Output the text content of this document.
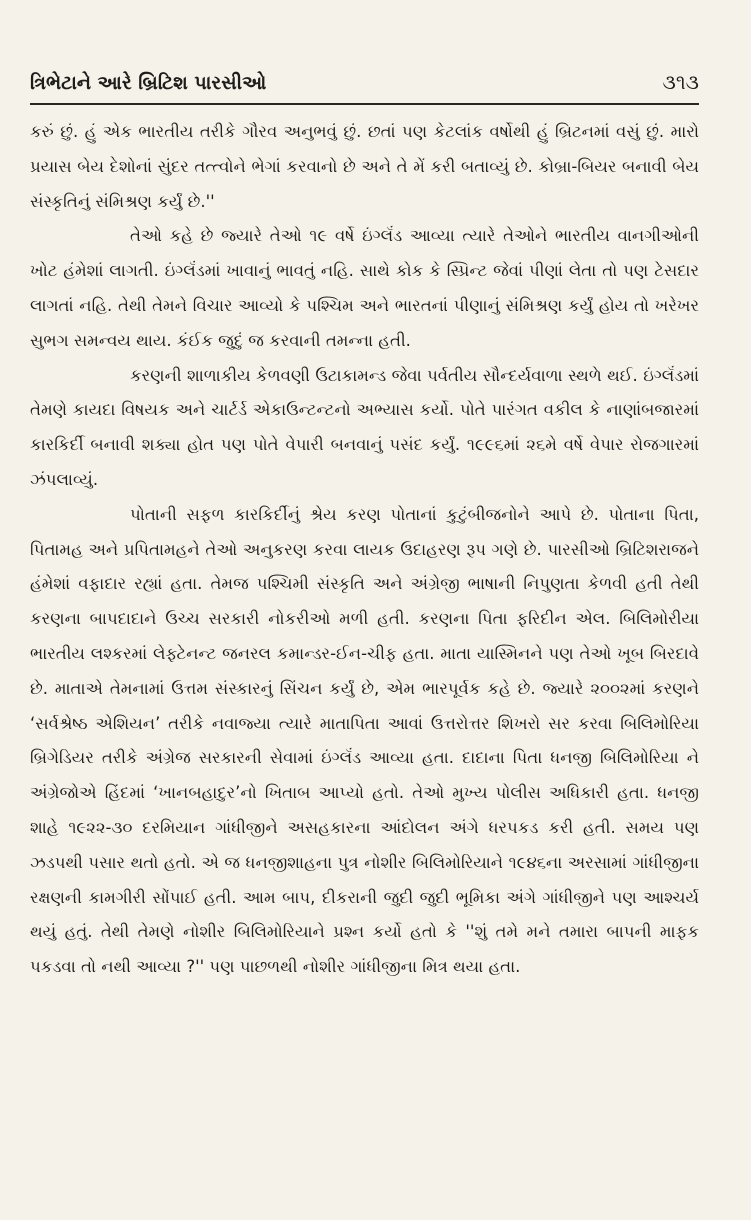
ત્રિભેટાને આરે બ્રિટિશ પારસીઓ	૩૧૩

કરું છું. હું એક ભારતીય તરીકે ગૌરવ અનુભવું છું. છતાં પણ કેટલાંક વર્ષોથી હું બ્રિટનમાં વસું છું. મારો પ્રયાસ બેય દેશોનાં સુંદર તત્ત્વોને ભેગાં કરવાનો છે અને તે મેં કરી બતાવ્યું છે. કોબ્રા-બિયર બનાવી બેય સંસ્કૃતિનું સંમિશ્રણ કર્યું છે.''

તેઓ કહે છે જ્યારે તેઓ ૧૯ વર્ષે ઇંગ્લૅંડ આવ્યા ત્યારે તેઓને ભારતીય વાનગીઓની ખોટ હંમેશાં લાગતી. ઇંગ્લૅંડમાં ખાવાનું ભાવતું નહિ. સાથે કોક કે સ્પ્રિન્ટ જેવાં પીણાં લેતા તો પણ ટેસદાર લાગતાં નહિ. તેથી તેમને વિચાર આવ્યો કે પશ્ચિમ અને ભારતનાં પીણાનું સંમિશ્રણ કર્યું હોય તો ખરેખર સુભગ સમન્વય થાય. કંઈક જુદું જ કરવાની તમન્ના હતી.

કરણની શાળાકીય કેળવણી ઉટાકામન્ડ જેવા પર્વતીય સૌન્દર્યવાળા સ્થળે થઈ. ઇંગ્લૅંડમાં તેમણે કાયદા વિષયક અને ચાર્ટર્ડ એકાઉન્ટન્ટનો અભ્યાસ કર્યો. પોતે પારંગત વકીલ કે નાણાંબજારમાં કારકિર્દી બનાવી શક્યા હોત પણ પોતે વેપારી બનવાનું પસંદ કર્યું. ૧૯૯૬માં ૨૬મે વર્ષે વેપાર રોજગારમાં ઝંપલાવ્યું.

પોતાની સફળ કારકિર્દીનું શ્રેય કરણ પોતાનાં કુટુંબીજનોને આપે છે. પોતાના પિતા, પિતામહ અને પ્રપિતામહને તેઓ અનુકરણ કરવા લાયક ઉદાહરણ રૂપ ગણે છે. પારસીઓ બ્રિટિશરાજને હંમેશાં વફાદાર રહ્યાં હતા. તેમજ પશ્ચિમી સંસ્કૃતિ અને અંગ્રેજી ભાષાની નિપુણતા કેળવી હતી તેથી કરણના બાપદાદાને ઉચ્ચ સરકારી નોકરીઓ મળી હતી. કરણના પિતા ફરિદીન એલ. બિલિમોરીયા ભારતીય લશ્કરમાં લેફ્ટેનન્ટ જનરલ કમાન્ડર-ઈન-ચીફ હતા. માતા યાસ્મિનને પણ તેઓ ખૂબ બિરદાવે છે. માતાએ તેમનામાં ઉત્તમ સંસ્કારનું સિંચન કર્યું છે, એમ ભારપૂર્વક કહે છે. જ્યારે ૨૦૦૨માં કરણને ‘સર્વશ્રેષ્ઠ એશિયન’ તરીકે નવાજ્યા ત્યારે માતાપિતા આવાં ઉત્તરોત્તર શિખરો સર કરવા બિલિમોરિયા બ્રિગેડિયર તરીકે અંગ્રેજ સરકારની સેવામાં ઇંગ્લૅંડ આવ્યા હતા. દાદાના પિતા ધનજી બિલિમોરિયા ને અંગ્રેજોએ હિંદમાં ‘ખાનબહાદુર’નો ખિતાબ આપ્યો હતો. તેઓ મુખ્ય પોલીસ અધિકારી હતા. ધનજી શાહે ૧૯૨૨-૩૦ દરમિયાન ગાંધીજીને અસહકારના આંદોલન અંગે ધરપકડ કરી હતી. સમય પણ ઝડપથી પસાર થતો હતો. એ જ ધનજીશાહના પુત્ર નોશીર બિલિમોરિયાને ૧૯૪૬ના અરસામાં ગાંધીજીના રક્ષણની કામગીરી સોંપાઈ હતી. આમ બાપ, દીકરાની જુદી જુદી ભૂમિકા અંગે ગાંધીજીને પણ આશ્ચર્ય થયું હતું. તેથી તેમણે નોશીર બિલિમોરિયાને પ્રશ્ન કર્યો હતો કે ''શું તમે મને તમારા બાપની માફક પકડવા તો નથી આવ્યા ?'' પણ પાછળથી નોશીર ગાંધીજીના મિત્ર થયા હતા.
